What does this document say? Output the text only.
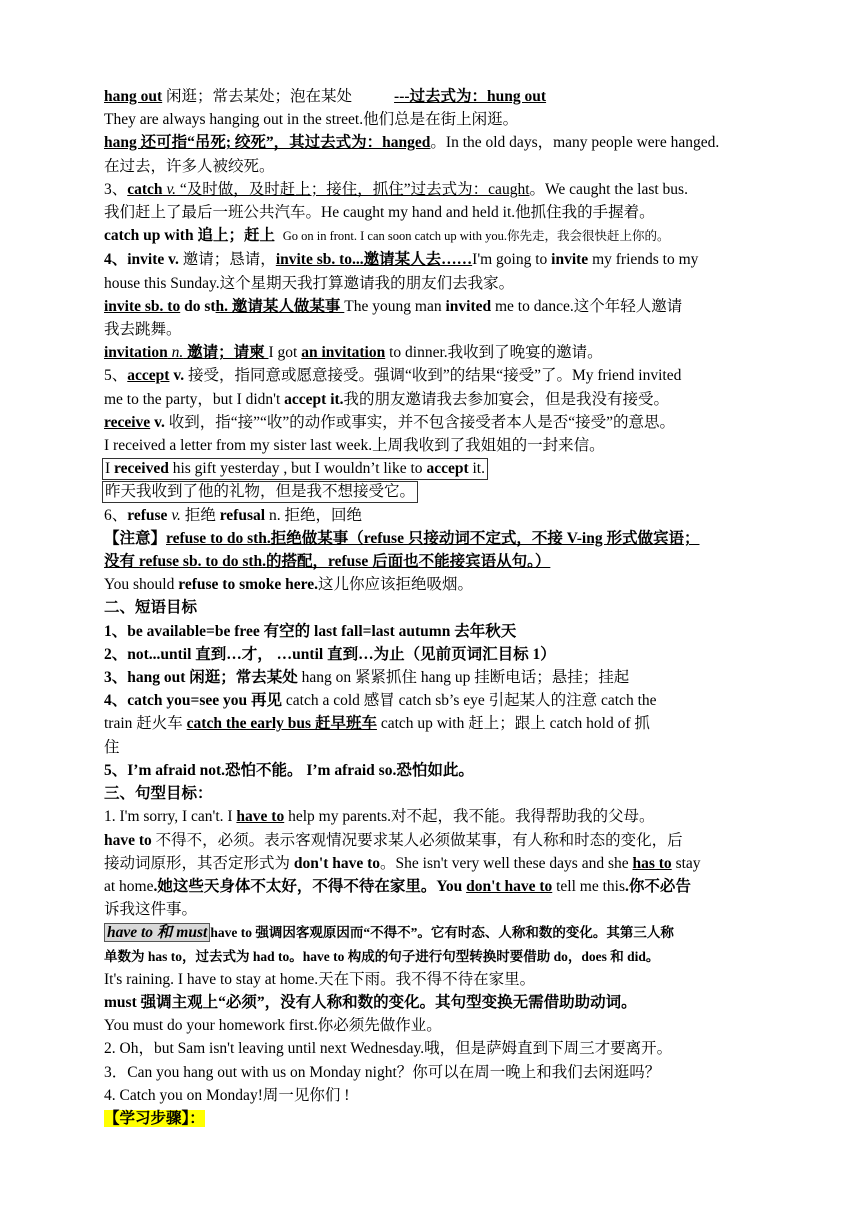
hang out 闲逛；常去某处；泡在某处	---过去式为：hung out
They are always hanging out in the street.他们总是在街上闲逛。
hang 还可指“吊死; 绞死”，其过去式为：hanged。In the old days，many people were hanged.
在过去，许多人被绞死。
3、catch v. “及时做，及时赶上；接住，抓住”过去式为：caught。We caught the last bus.
我们赶上了最后一班公共汽车。He caught my hand and held it.他抓住我的手握着。
catch up with 追上；赶上 Go on in front. I can soon catch up with you.你先走，我会很快赶上你的。
4、invite v. 邀请；恳请，invite sb. to...邀请某人去……I'm going to invite my friends to my
house this Sunday.这个星期天我打算邀请我的朋友们去我家。
invite sb. to do sth. 邀请某人做某事 The young man invited me to dance.这个年轻人邀请
我去跳舞。
invitation n. 邀请；请柬 I got an invitation to dinner.我收到了晚宴的邀请。
5、accept v. 接受，指同意或愿意接受。强调“收到”的结果“接受”了。My friend invited
me to the party，but I didn't accept it.我的朋友邀请我去参加宴会，但是我没有接受。
receive v. 收到，指“接”“收”的动作或事实，并不包含接受者本人是否“接受”的意思。
I received a letter from my sister last week.上周我收到了我姐姐的一封来信。
I received his gift yesterday , but I wouldn’t like to accept it.
昨天我收到了他的礼物，但是我不想接受它。
6、refuse v. 拒绝 refusal n. 拒绝，回绝
【注意】refuse to do sth.拒绝做某事（refuse 只接动词不定式，不接 V-ing 形式做宾语；
没有 refuse sb. to do sth.的搭配，refuse 后面也不能接宾语从句。）
You should refuse to smoke here.这儿你应该拒绝吸烟。
二、短语目标
1、be available=be free 有空的 last fall=last autumn 去年秋天
2、not...until 直到…才， …until 直到…为止（见前页词汇目标 1）
3、hang out 闲逛；常去某处 hang on 紧紧抓住 hang up 挂断电话；悬挂；挂起
4、catch you=see you 再见 catch a cold 感冒 catch sb’s eye 引起某人的注意 catch the
train 赶火车 catch the early bus 赶早班车 catch up with 赶上；跟上 catch hold of 抓
住
5、I’m afraid not.恐怕不能。 I’m afraid so.恐怕如此。
三、句型目标：
1. I'm sorry, I can't. I have to help my parents.对不起，我不能。我得帮助我的父母。
have to 不得不，必须。表示客观情况要求某人必须做某事，有人称和时态的变化，后
接动词原形，其否定形式为 don't have to。She isn't very well these days and she has to stay
at home.她这些天身体不太好，不得不待在家里。You don't have to tell me this.你不必告
诉我这件事。
have to 和 must have to 强调因客观原因而“不得不”。它有时态、人称和数的变化。其第三人称
单数为 has to，过去式为 had to。have to 构成的句子进行句型转换时要借助 do，does 和 did。
It's raining. I have to stay at home.天在下雨。我不得不待在家里。
must 强调主观上“必须”，没有人称和数的变化。其句型变换无需借助助动词。
You must do your homework first.你必须先做作业。
2. Oh，but Sam isn't leaving until next Wednesday.哦，但是萨姆直到下周三才要离开。
3．Can you hang out with us on Monday night？你可以在周一晚上和我们去闲逛吗？
4. Catch you on Monday!周一见你们 !
【学习步骤】：
